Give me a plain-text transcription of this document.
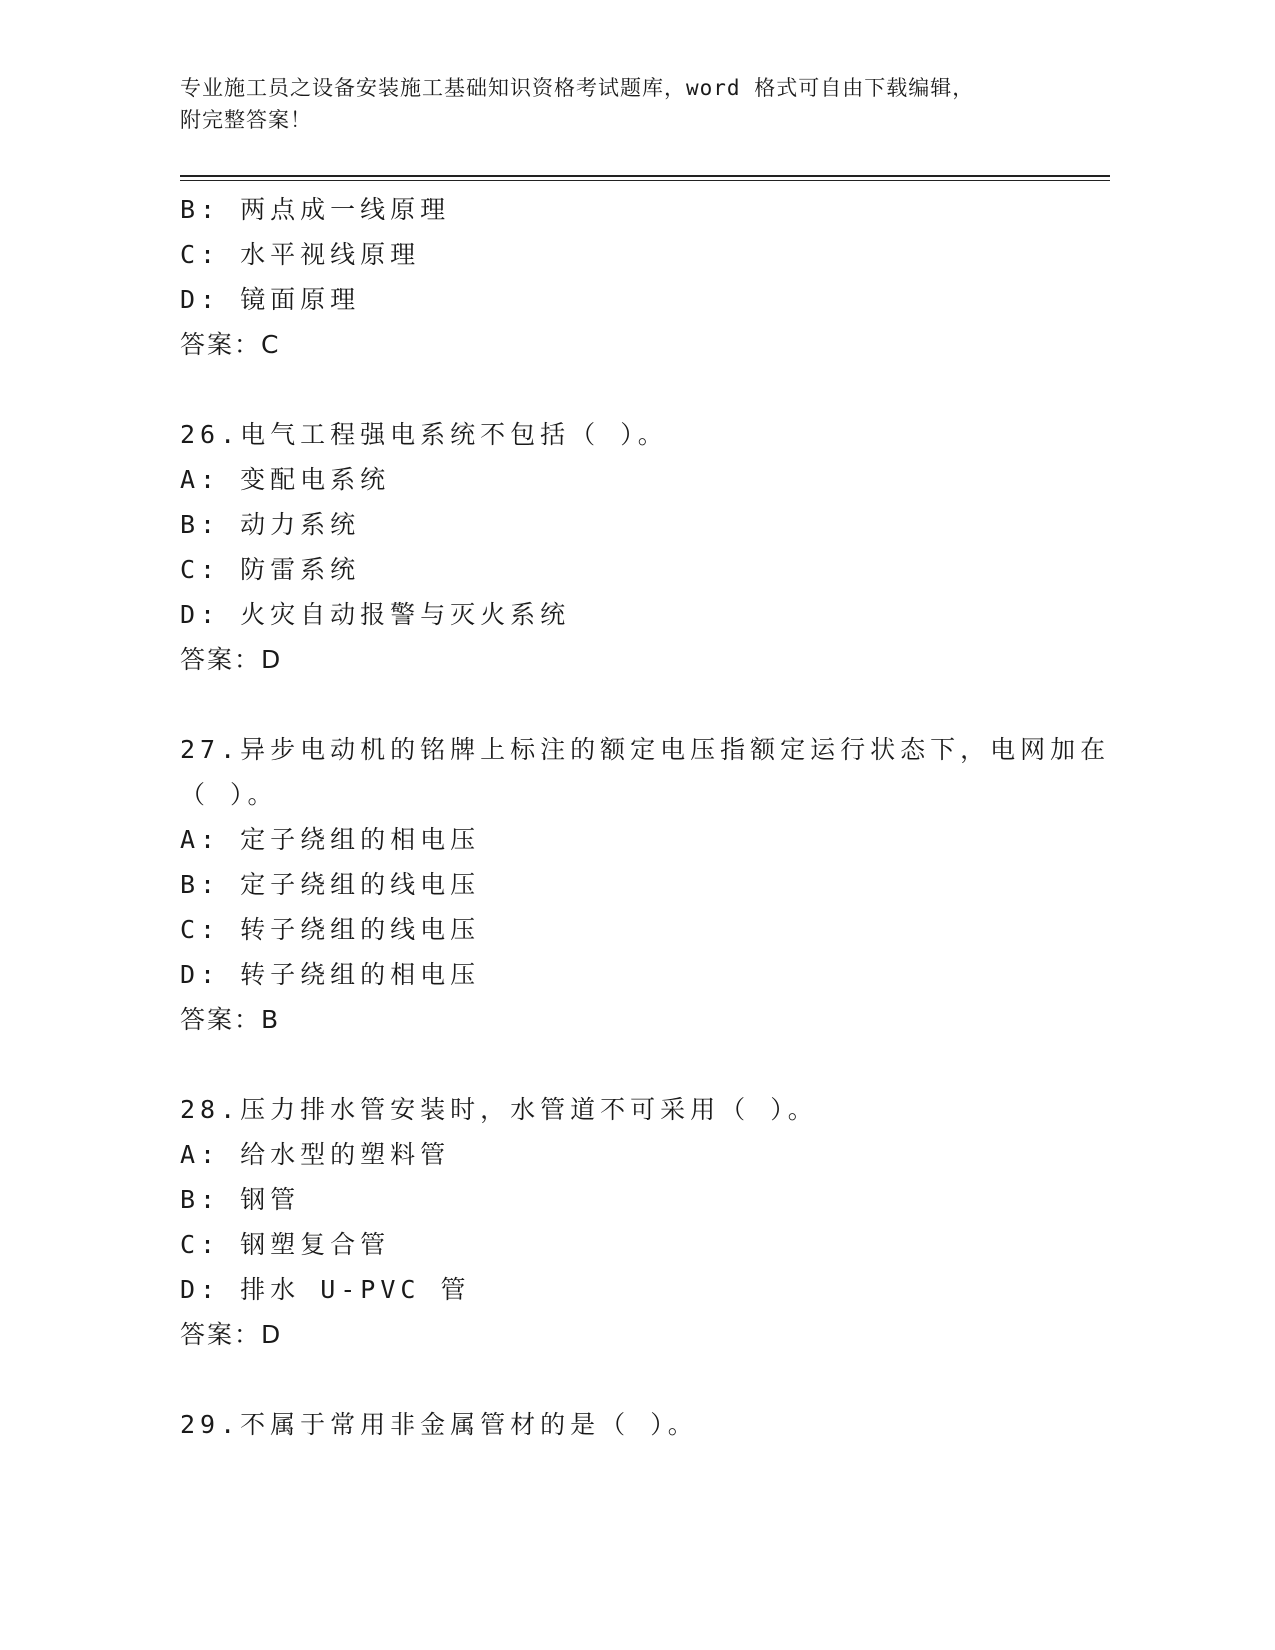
专业施工员之设备安装施工基础知识资格考试题库，word 格式可自由下载编辑，
附完整答案！
B: 两点成一线原理
C: 水平视线原理
D: 镜面原理
答案：C
26.电气工程强电系统不包括（ ）。
A: 变配电系统
B: 动力系统
C: 防雷系统
D: 火灾自动报警与灭火系统
答案：D
27.异步电动机的铭牌上标注的额定电压指额定运行状态下，电网加在
（ ）。
A: 定子绕组的相电压
B: 定子绕组的线电压
C: 转子绕组的线电压
D: 转子绕组的相电压
答案：B
28.压力排水管安装时，水管道不可采用（ ）。
A: 给水型的塑料管
B: 钢管
C: 钢塑复合管
D: 排水 U-PVC 管
答案：D
29.不属于常用非金属管材的是（ ）。
